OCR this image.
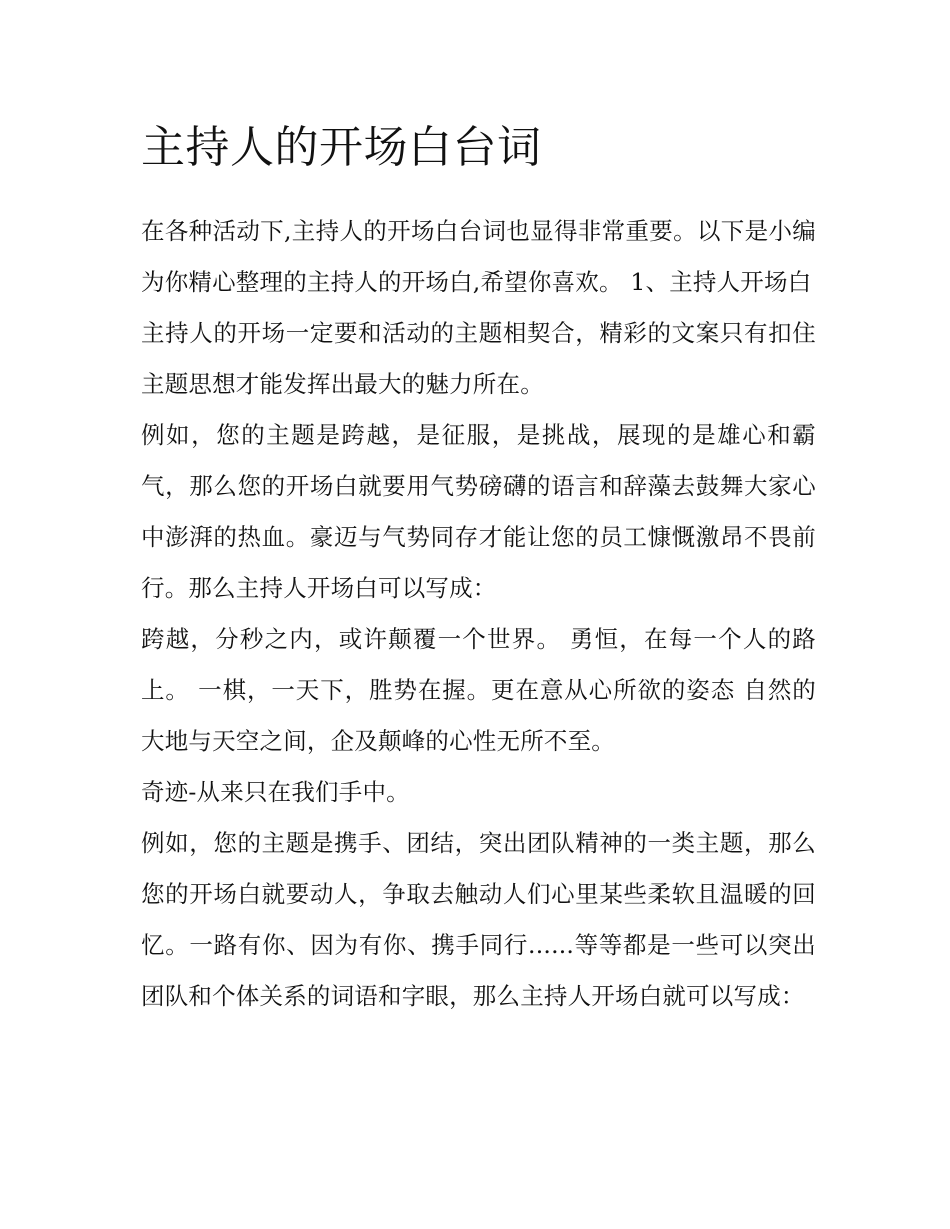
主持人的开场白台词

在各种活动下,主持人的开场白台词也显得非常重要。以下是小编为你精心整理的主持人的开场白,希望你喜欢。 1、主持人开场白

主持人的开场一定要和活动的主题相契合，精彩的文案只有扣住主题思想才能发挥出最大的魅力所在。

例如，您的主题是跨越，是征服，是挑战，展现的是雄心和霸气，那么您的开场白就要用气势磅礴的语言和辞藻去鼓舞大家心中澎湃的热血。豪迈与气势同存才能让您的员工慷慨激昂不畏前行。那么主持人开场白可以写成：

跨越，分秒之内，或许颠覆一个世界。 勇恒，在每一个人的路上。 一棋，一天下，胜势在握。更在意从心所欲的姿态 自然的大地与天空之间，企及颠峰的心性无所不至。

奇迹-从来只在我们手中。

例如，您的主题是携手、团结，突出团队精神的一类主题，那么您的开场白就要动人，争取去触动人们心里某些柔软且温暖的回忆。一路有你、因为有你、携手同行......等等都是一些可以突出团队和个体关系的词语和字眼，那么主持人开场白就可以写成：
